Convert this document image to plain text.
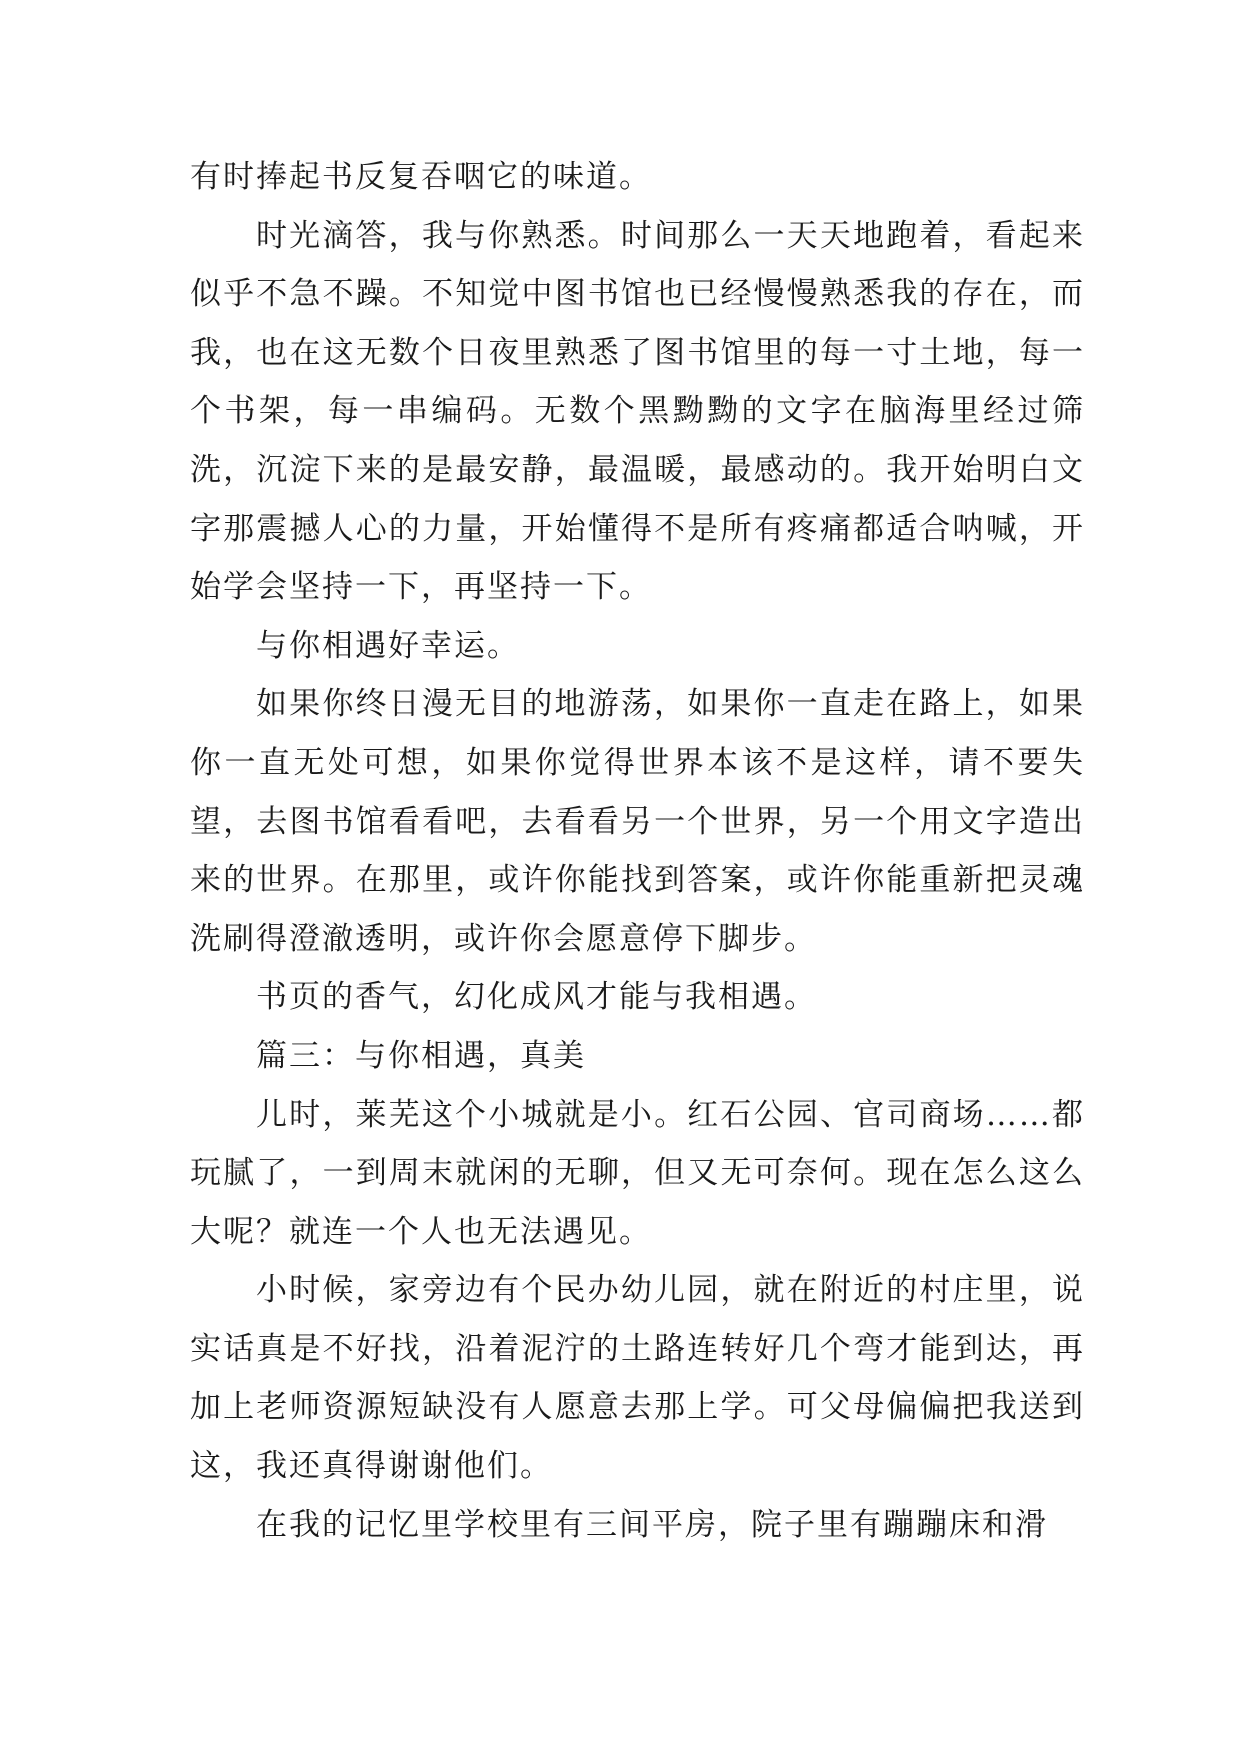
有时捧起书反复吞咽它的味道。

时光滴答，我与你熟悉。时间那么一天天地跑着，看起来似乎不急不躁。不知觉中图书馆也已经慢慢熟悉我的存在，而我，也在这无数个日夜里熟悉了图书馆里的每一寸土地，每一个书架，每一串编码。无数个黑黝黝的文字在脑海里经过筛洗，沉淀下来的是最安静，最温暖，最感动的。我开始明白文字那震撼人心的力量，开始懂得不是所有疼痛都适合呐喊，开始学会坚持一下，再坚持一下。

与你相遇好幸运。

如果你终日漫无目的地游荡，如果你一直走在路上，如果你一直无处可想，如果你觉得世界本该不是这样，请不要失望，去图书馆看看吧，去看看另一个世界，另一个用文字造出来的世界。在那里，或许你能找到答案，或许你能重新把灵魂洗刷得澄澈透明，或许你会愿意停下脚步。

书页的香气，幻化成风才能与我相遇。

篇三：与你相遇，真美

儿时，莱芜这个小城就是小。红石公园、官司商场……都玩腻了，一到周末就闲的无聊，但又无可奈何。现在怎么这么大呢？就连一个人也无法遇见。

小时候，家旁边有个民办幼儿园，就在附近的村庄里，说实话真是不好找，沿着泥泞的土路连转好几个弯才能到达，再加上老师资源短缺没有人愿意去那上学。可父母偏偏把我送到这，我还真得谢谢他们。

在我的记忆里学校里有三间平房，院子里有蹦蹦床和滑
